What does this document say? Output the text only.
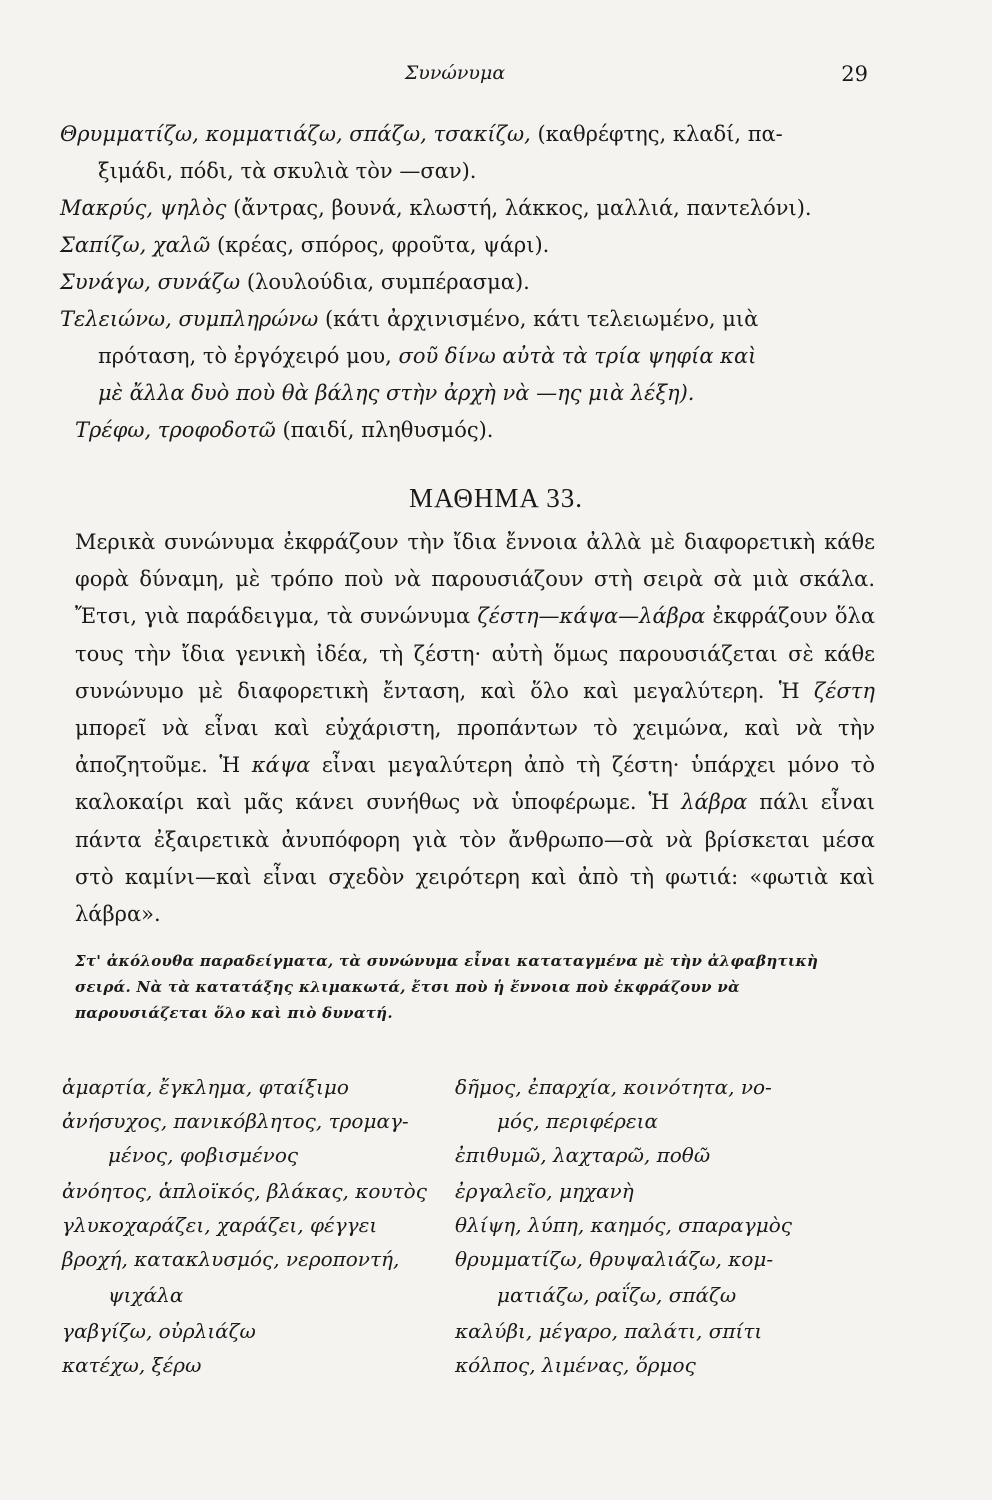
Συνώνυμα	29
Θρυμματίζω, κομματιάζω, σπάζω, τσακίζω, (καθρέφτης, κλαδί, πα-
ξιμάδι, πόδι, τὰ σκυλιὰ τὸν —σαν).
Μακρύς, ψηλὸς (ἄντρας, βουνά, κλωστή, λάκκος, μαλλιά, παντελόνι).
Σαπίζω, χαλῶ (κρέας, σπόρος, φροῦτα, ψάρι).
Συνάγω, συνάζω (λουλούδια, συμπέρασμα).
Τελειώνω, συμπληρώνω (κάτι ἀρχινισμένο, κάτι τελειωμένο, μιὰ
πρόταση, τὸ ἐργόχειρό μου, σοῦ δίνω αὐτὰ τὰ τρία ψηφία καὶ
μὲ ἄλλα δυὸ ποὺ θὰ βάλης στὴν ἀρχὴ νὰ —ης μιὰ λέξη).
Τρέφω, τροφοδοτῶ (παιδί, πληθυσμός).
ΜΑΘΗΜΑ 33.
Μερικὰ συνώνυμα ἐκφράζουν τὴν ἴδια ἔννοια ἀλλὰ μὲ διαφορετικὴ κάθε φορὰ δύναμη, μὲ τρόπο ποὺ νὰ παρουσιάζουν στὴ σειρὰ σὰ μιὰ σκάλα. Ἔτσι, γιὰ παράδειγμα, τὰ συνώνυμα ζέστη—κάψα—λάβρα ἐκφράζουν ὅλα τους τὴν ἴδια γενικὴ ἰδέα, τὴ ζέστη· αὐτὴ ὅμως παρουσιάζεται σὲ κάθε συνώνυμο μὲ διαφορετικὴ ἔνταση, καὶ ὅλο καὶ μεγαλύτερη. Ἡ ζέστη μπορεῖ νὰ εἶναι καὶ εὐχάριστη, προπάντων τὸ χειμώνα, καὶ νὰ τὴν ἀποζητοῦμε. Ἡ κάψα εἶναι μεγαλύτερη ἀπὸ τὴ ζέστη· ὑπάρχει μόνο τὸ καλοκαίρι καὶ μᾶς κάνει συνήθως νὰ ὑποφέρωμε. Ἡ λάβρα πάλι εἶναι πάντα ἐξαιρετικὰ ἀνυπόφορη γιὰ τὸν ἄνθρωπο—σὰ νὰ βρίσκεται μέσα στὸ καμίνι—καὶ εἶναι σχεδὸν χειρότερη καὶ ἀπὸ τὴ φωτιά: «φωτιὰ καὶ λάβρα».
Στ' ἀκόλουθα παραδείγματα, τὰ συνώνυμα εἶναι καταταγμένα μὲ τὴν ἀλφαβητικὴ σειρά. Νὰ τὰ κατατάξης κλιμακωτά, ἔτσι ποὺ ἡ ἔννοια ποὺ ἐκφράζουν νὰ παρουσιάζεται ὅλο καὶ πιὸ δυνατή.
ἁμαρτία, ἔγκλημα, φταίξιμο
ἀνήσυχος, πανικόβλητος, τρομαγ-
μένος, φοβισμένος
ἀνόητος, ἁπλοϊκός, βλάκας, κουτὸς
γλυκοχαράζει, χαράζει, φέγγει
βροχή, κατακλυσμός, νεροποντή,
ψιχάλα
γαβγίζω, οὐρλιάζω
κατέχω, ξέρω
δῆμος, ἐπαρχία, κοινότητα, νο-
μός, περιφέρεια
ἐπιθυμῶ, λαχταρῶ, ποθῶ
ἐργαλεῖο, μηχανὴ
θλίψη, λύπη, καημός, σπαραγμὸς
θρυμματίζω, θρυψαλιάζω, κομ-
ματιάζω, ραΐζω, σπάζω
καλύβι, μέγαρο, παλάτι, σπίτι
κόλπος, λιμένας, ὅρμος
